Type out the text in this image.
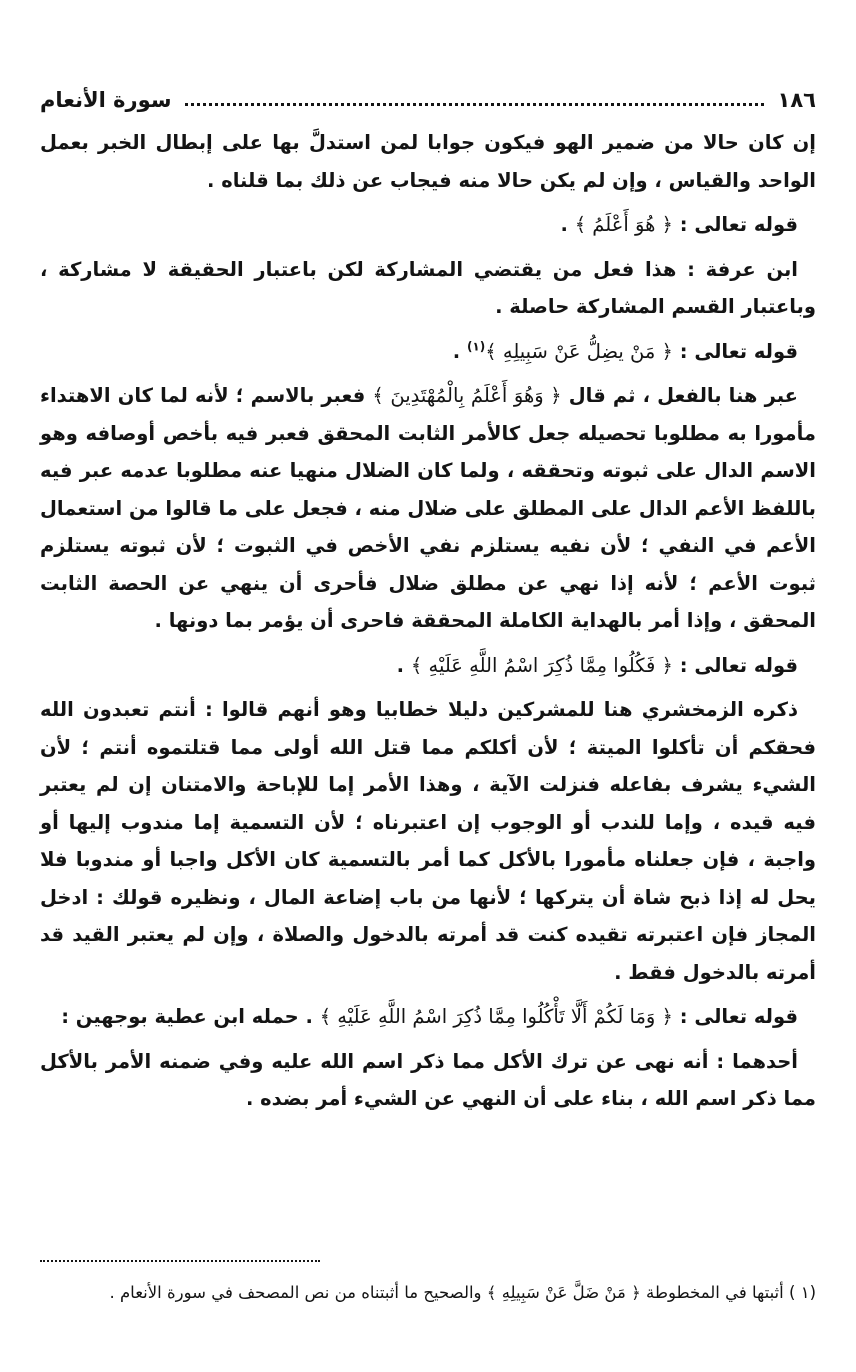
١٨٦
سورة الأنعام

إن كان حالا من ضمير الهو فيكون جوابا لمن استدلَّ بها على إبطال الخبر بعمل الواحد والقياس ، وإن لم يكن حالا منه فيجاب عن ذلك بما قلناه .

قوله تعالى : ﴿ هُوَ أَعْلَمُ ﴾ .

ابن عرفة : هذا فعل من يقتضي المشاركة لكن باعتبار الحقيقة لا مشاركة ، وباعتبار القسم المشاركة حاصلة .

قوله تعالى : ﴿ مَنْ يضِلُّ عَنْ سَبِيلِهِ ﴾$^{(١)}$ .

عبر هنا بالفعل ، ثم قال ﴿ وَهُوَ أَعْلَمُ بِالْمُهْتَدِينَ ﴾ فعبر بالاسم ؛ لأنه لما كان الاهتداء مأمورا به مطلوبا تحصيله جعل كالأمر الثابت المحقق فعبر فيه بأخص أوصافه وهو الاسم الدال على ثبوته وتحققه ، ولما كان الضلال منهيا عنه مطلوبا عدمه عبر فيه باللفظ الأعم الدال على المطلق على ضلال منه ، فجعل على ما قالوا من استعمال الأعم في النفي ؛ لأن نفيه يستلزم نفي الأخص في الثبوت ؛ لأن ثبوته يستلزم ثبوت الأعم ؛ لأنه إذا نهي عن مطلق ضلال فأحرى أن ينهي عن الحصة الثابت المحقق ، وإذا أمر بالهداية الكاملة المحققة فاحرى أن يؤمر بما دونها .

قوله تعالى : ﴿ فَكُلُوا مِمَّا ذُكِرَ اسْمُ اللَّهِ عَلَيْهِ ﴾ .

ذكره الزمخشري هنا للمشركين دليلا خطابيا وهو أنهم قالوا : أنتم تعبدون الله فحقكم أن تأكلوا الميتة ؛ لأن أكلكم مما قتل الله أولى مما قتلتموه أنتم ؛ لأن الشيء يشرف بفاعله فنزلت الآية ، وهذا الأمر إما للإباحة والامتنان إن لم يعتبر فيه قيده ، وإما للندب أو الوجوب إن اعتبرناه ؛ لأن التسمية إما مندوب إليها أو واجبة ، فإن جعلناه مأمورا بالأكل كما أمر بالتسمية كان الأكل واجبا أو مندوبا فلا يحل له إذا ذبح شاة أن يتركها ؛ لأنها من باب إضاعة المال ، ونظيره قولك : ادخل المجاز فإن اعتبرته تقيده كنت قد أمرته بالدخول والصلاة ، وإن لم يعتبر القيد قد أمرته بالدخول فقط .

قوله تعالى : ﴿ وَمَا لَكُمْ أَلَّا تَأْكُلُوا مِمَّا ذُكِرَ اسْمُ اللَّهِ عَلَيْهِ ﴾ . حمله ابن عطية بوجهين :

أحدهما : أنه نهى عن ترك الأكل مما ذكر اسم الله عليه وفي ضمنه الأمر بالأكل مما ذكر اسم الله ، بناء على أن النهي عن الشيء أمر بضده .

(١ ) أثبتها في المخطوطة ﴿ مَنْ ضَلَّ عَنْ سَبِيلِهِ ﴾ والصحيح ما أثبتناه من نص المصحف في سورة الأنعام .
